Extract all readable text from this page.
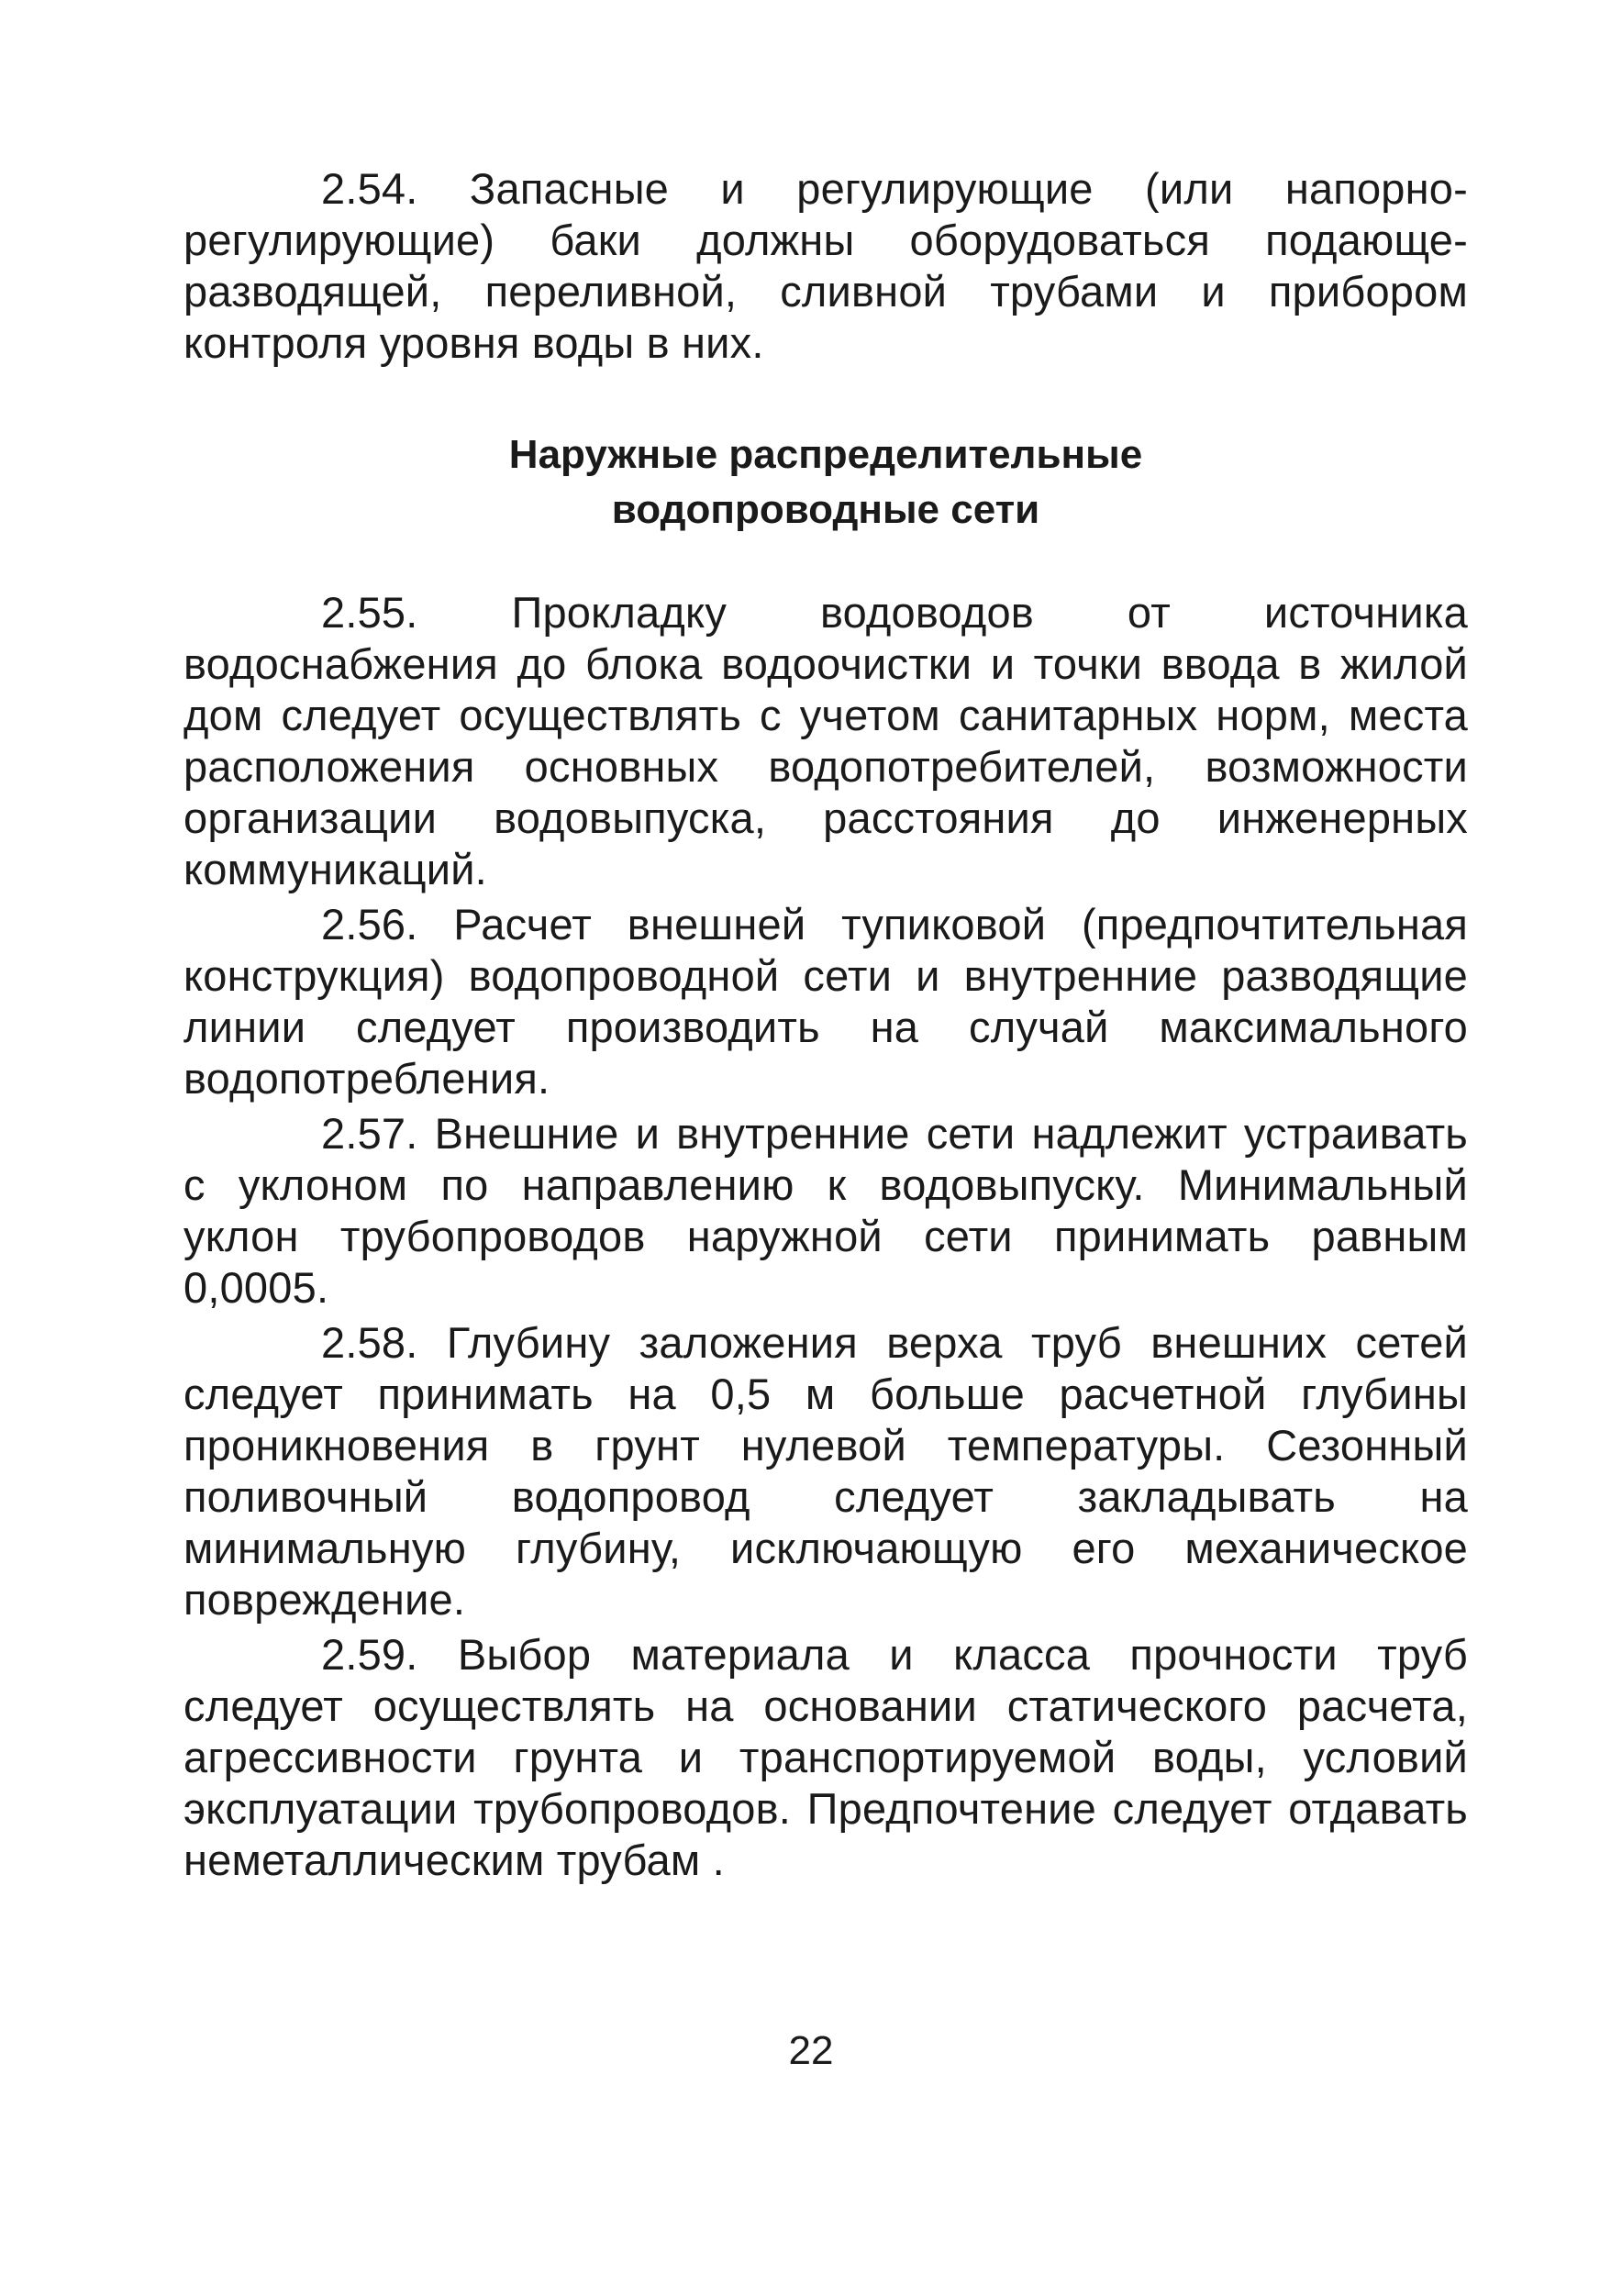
2.54. Запасные и регулирующие (или напорно-регулирующие) баки должны оборудоваться подающе-разводящей, переливной, сливной трубами и прибором контроля уровня воды в них.

Наружные распределительные
водопроводные сети

2.55. Прокладку водоводов от источника водоснабжения до блока водоочистки и точки ввода в жилой дом следует осуществлять с учетом санитарных норм, места расположения основных водопотребителей, возможности организации водовыпуска, расстояния до инженерных коммуникаций.

2.56. Расчет внешней тупиковой (предпочтительная конструкция) водопроводной сети и внутренние разводящие линии следует производить на случай максимального водопотребления.

2.57. Внешние и внутренние сети надлежит устраивать с уклоном по направлению к водовыпуску. Минимальный уклон трубопроводов наружной сети принимать равным 0,0005.

2.58. Глубину заложения верха труб внешних сетей следует принимать на 0,5 м больше расчетной глубины проникновения в грунт нулевой температуры. Сезонный поливочный водопровод следует закладывать на минимальную глубину, исключающую его механическое повреждение.

2.59. Выбор материала и класса прочности труб следует осуществлять на основании статического расчета, агрессивности грунта и транспортируемой воды, условий эксплуатации трубопроводов. Предпочтение следует отдавать неметаллическим трубам .

22
